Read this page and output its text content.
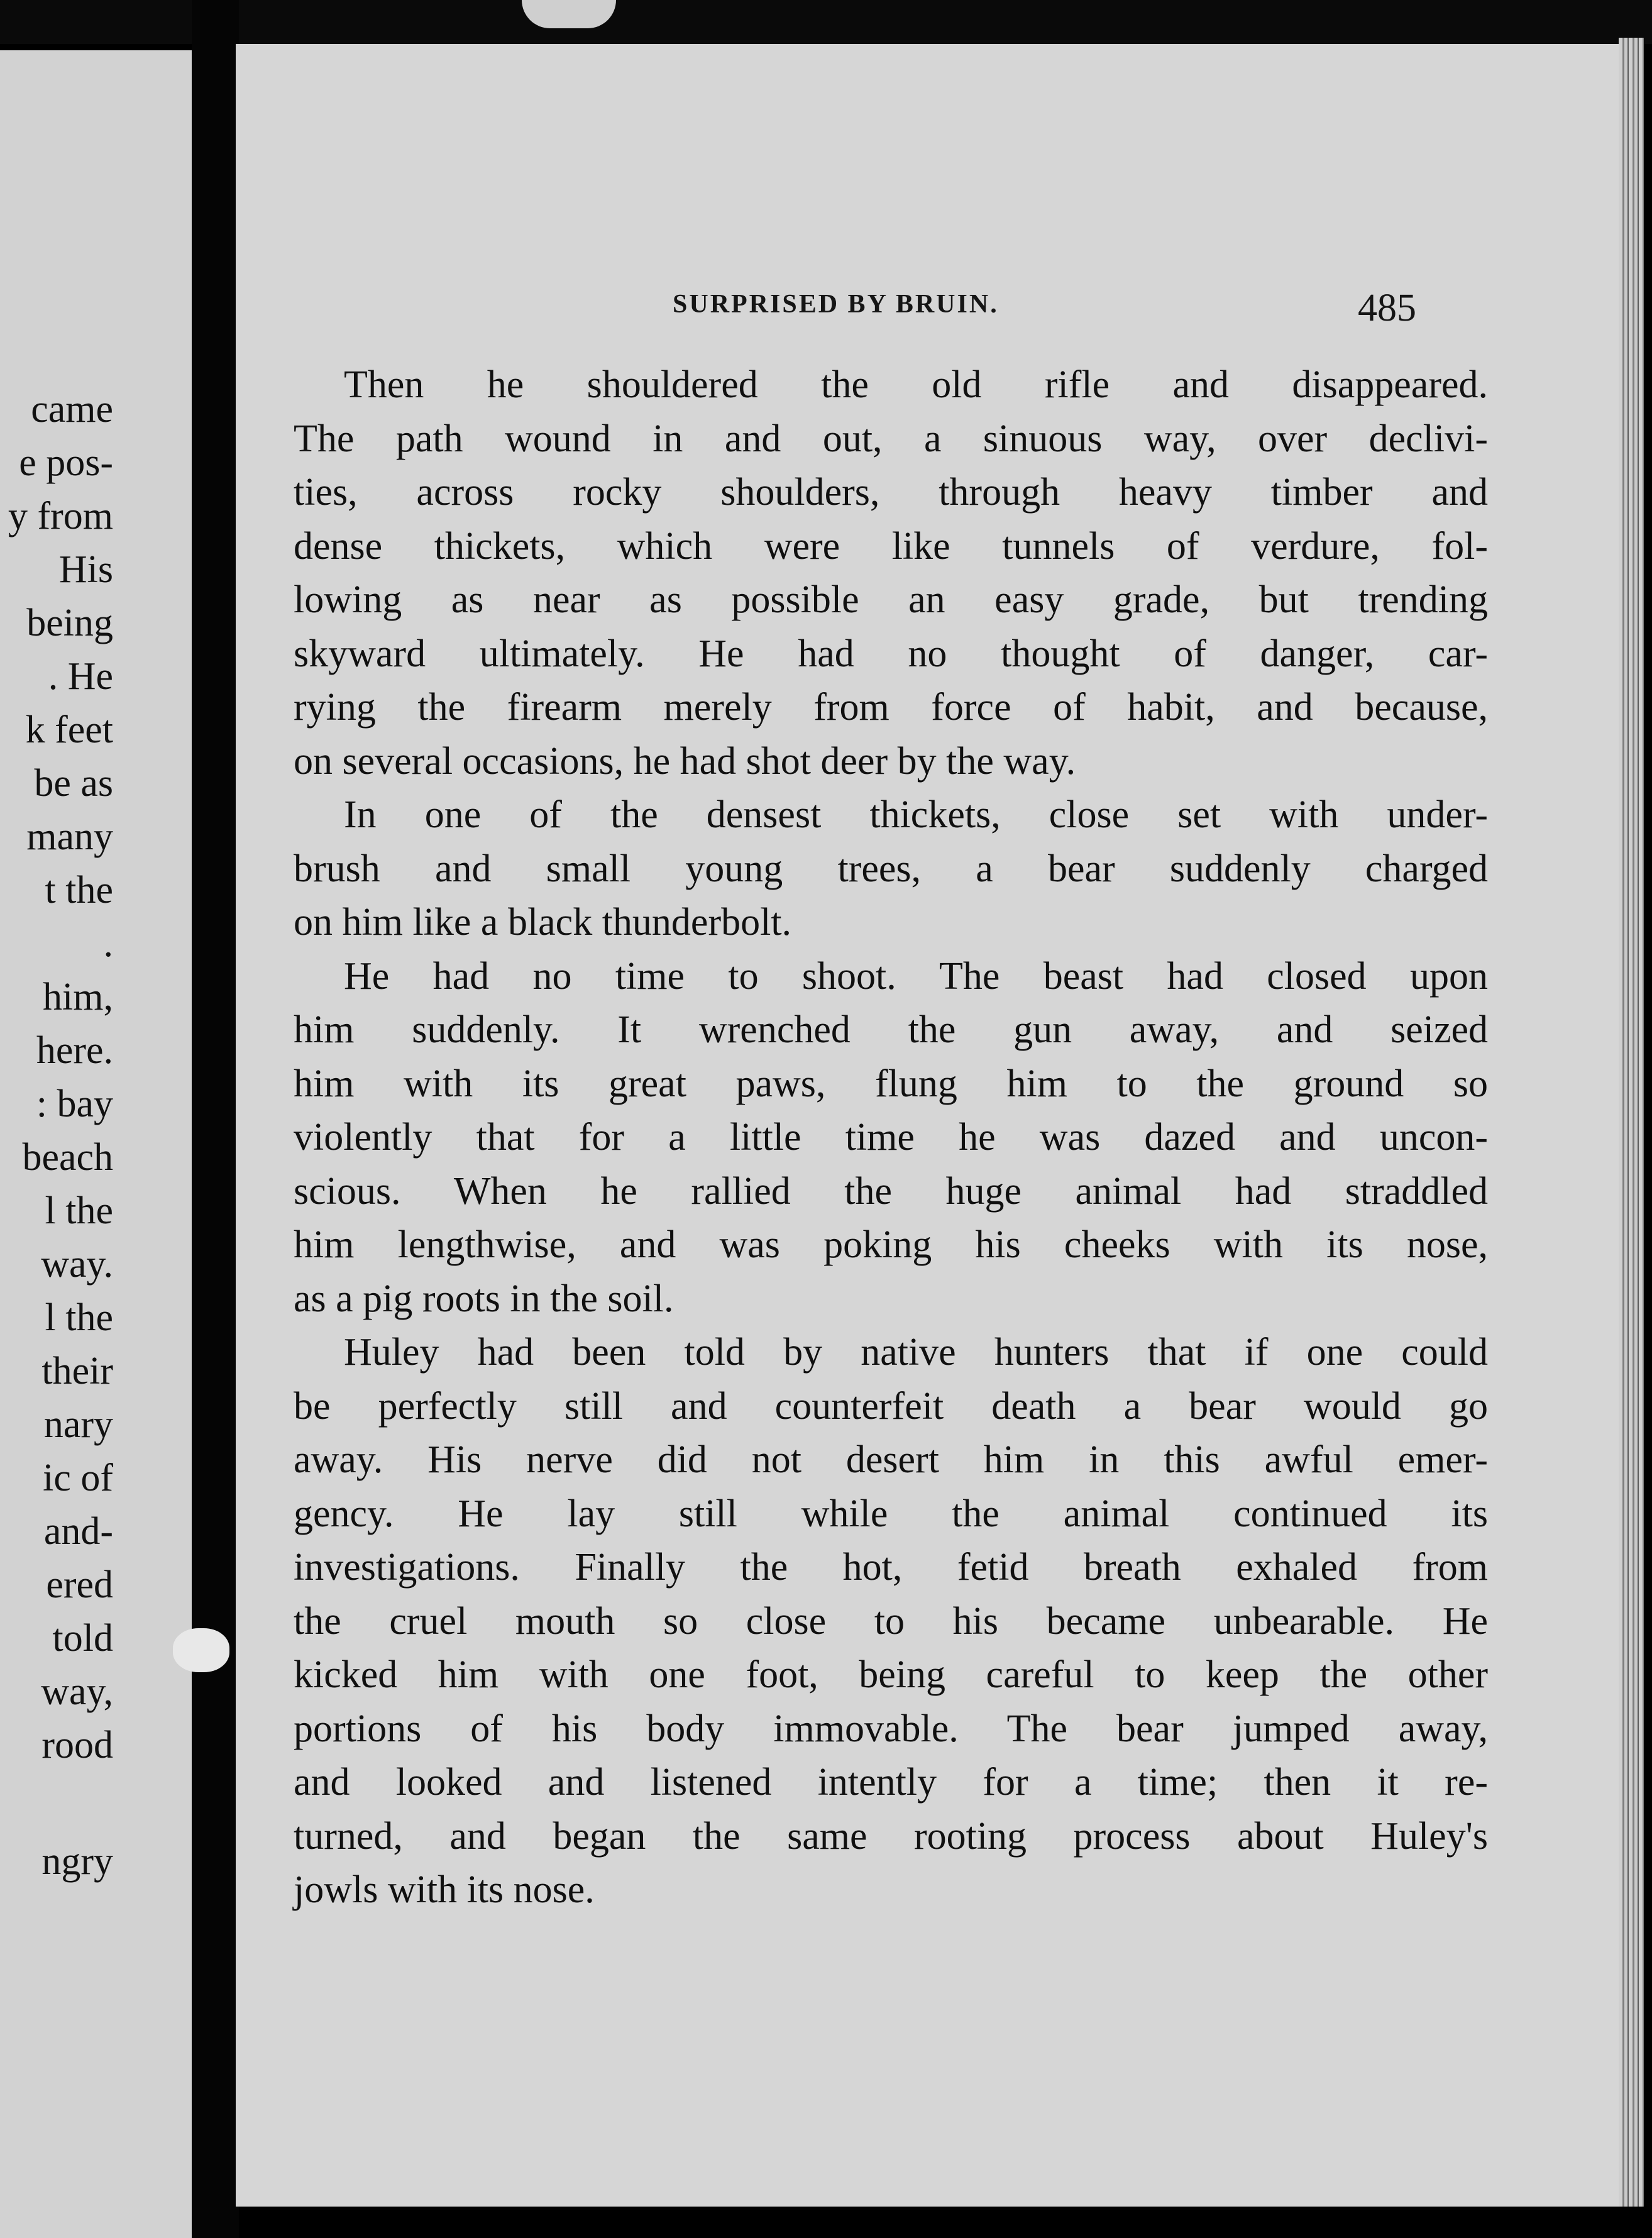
came
e pos-
y from
His
being
. He
k feet
be as
many
t the
.
him,
here.
: bay
beach
l the
way.
l the
their
nary
ic of
and-
ered
told
way,
rood
ngry
SURPRISED BY BRUIN.	485
Then he shouldered the old rifle and disappeared.
The path wound in and out, a sinuous way, over declivi-
ties, across rocky shoulders, through heavy timber and
dense thickets, which were like tunnels of verdure, fol-
lowing as near as possible an easy grade, but trending
skyward ultimately. He had no thought of danger, car-
rying the firearm merely from force of habit, and because,
on several occasions, he had shot deer by the way.
In one of the densest thickets, close set with under-
brush and small young trees, a bear suddenly charged
on him like a black thunderbolt.
He had no time to shoot. The beast had closed upon
him suddenly. It wrenched the gun away, and seized
him with its great paws, flung him to the ground so
violently that for a little time he was dazed and uncon-
scious. When he rallied the huge animal had straddled
him lengthwise, and was poking his cheeks with its nose,
as a pig roots in the soil.
Huley had been told by native hunters that if one could
be perfectly still and counterfeit death a bear would go
away. His nerve did not desert him in this awful emer-
gency. He lay still while the animal continued its
investigations. Finally the hot, fetid breath exhaled from
the cruel mouth so close to his became unbearable. He
kicked him with one foot, being careful to keep the other
portions of his body immovable. The bear jumped away,
and looked and listened intently for a time; then it re-
turned, and began the same rooting process about Huley's
jowls with its nose.
